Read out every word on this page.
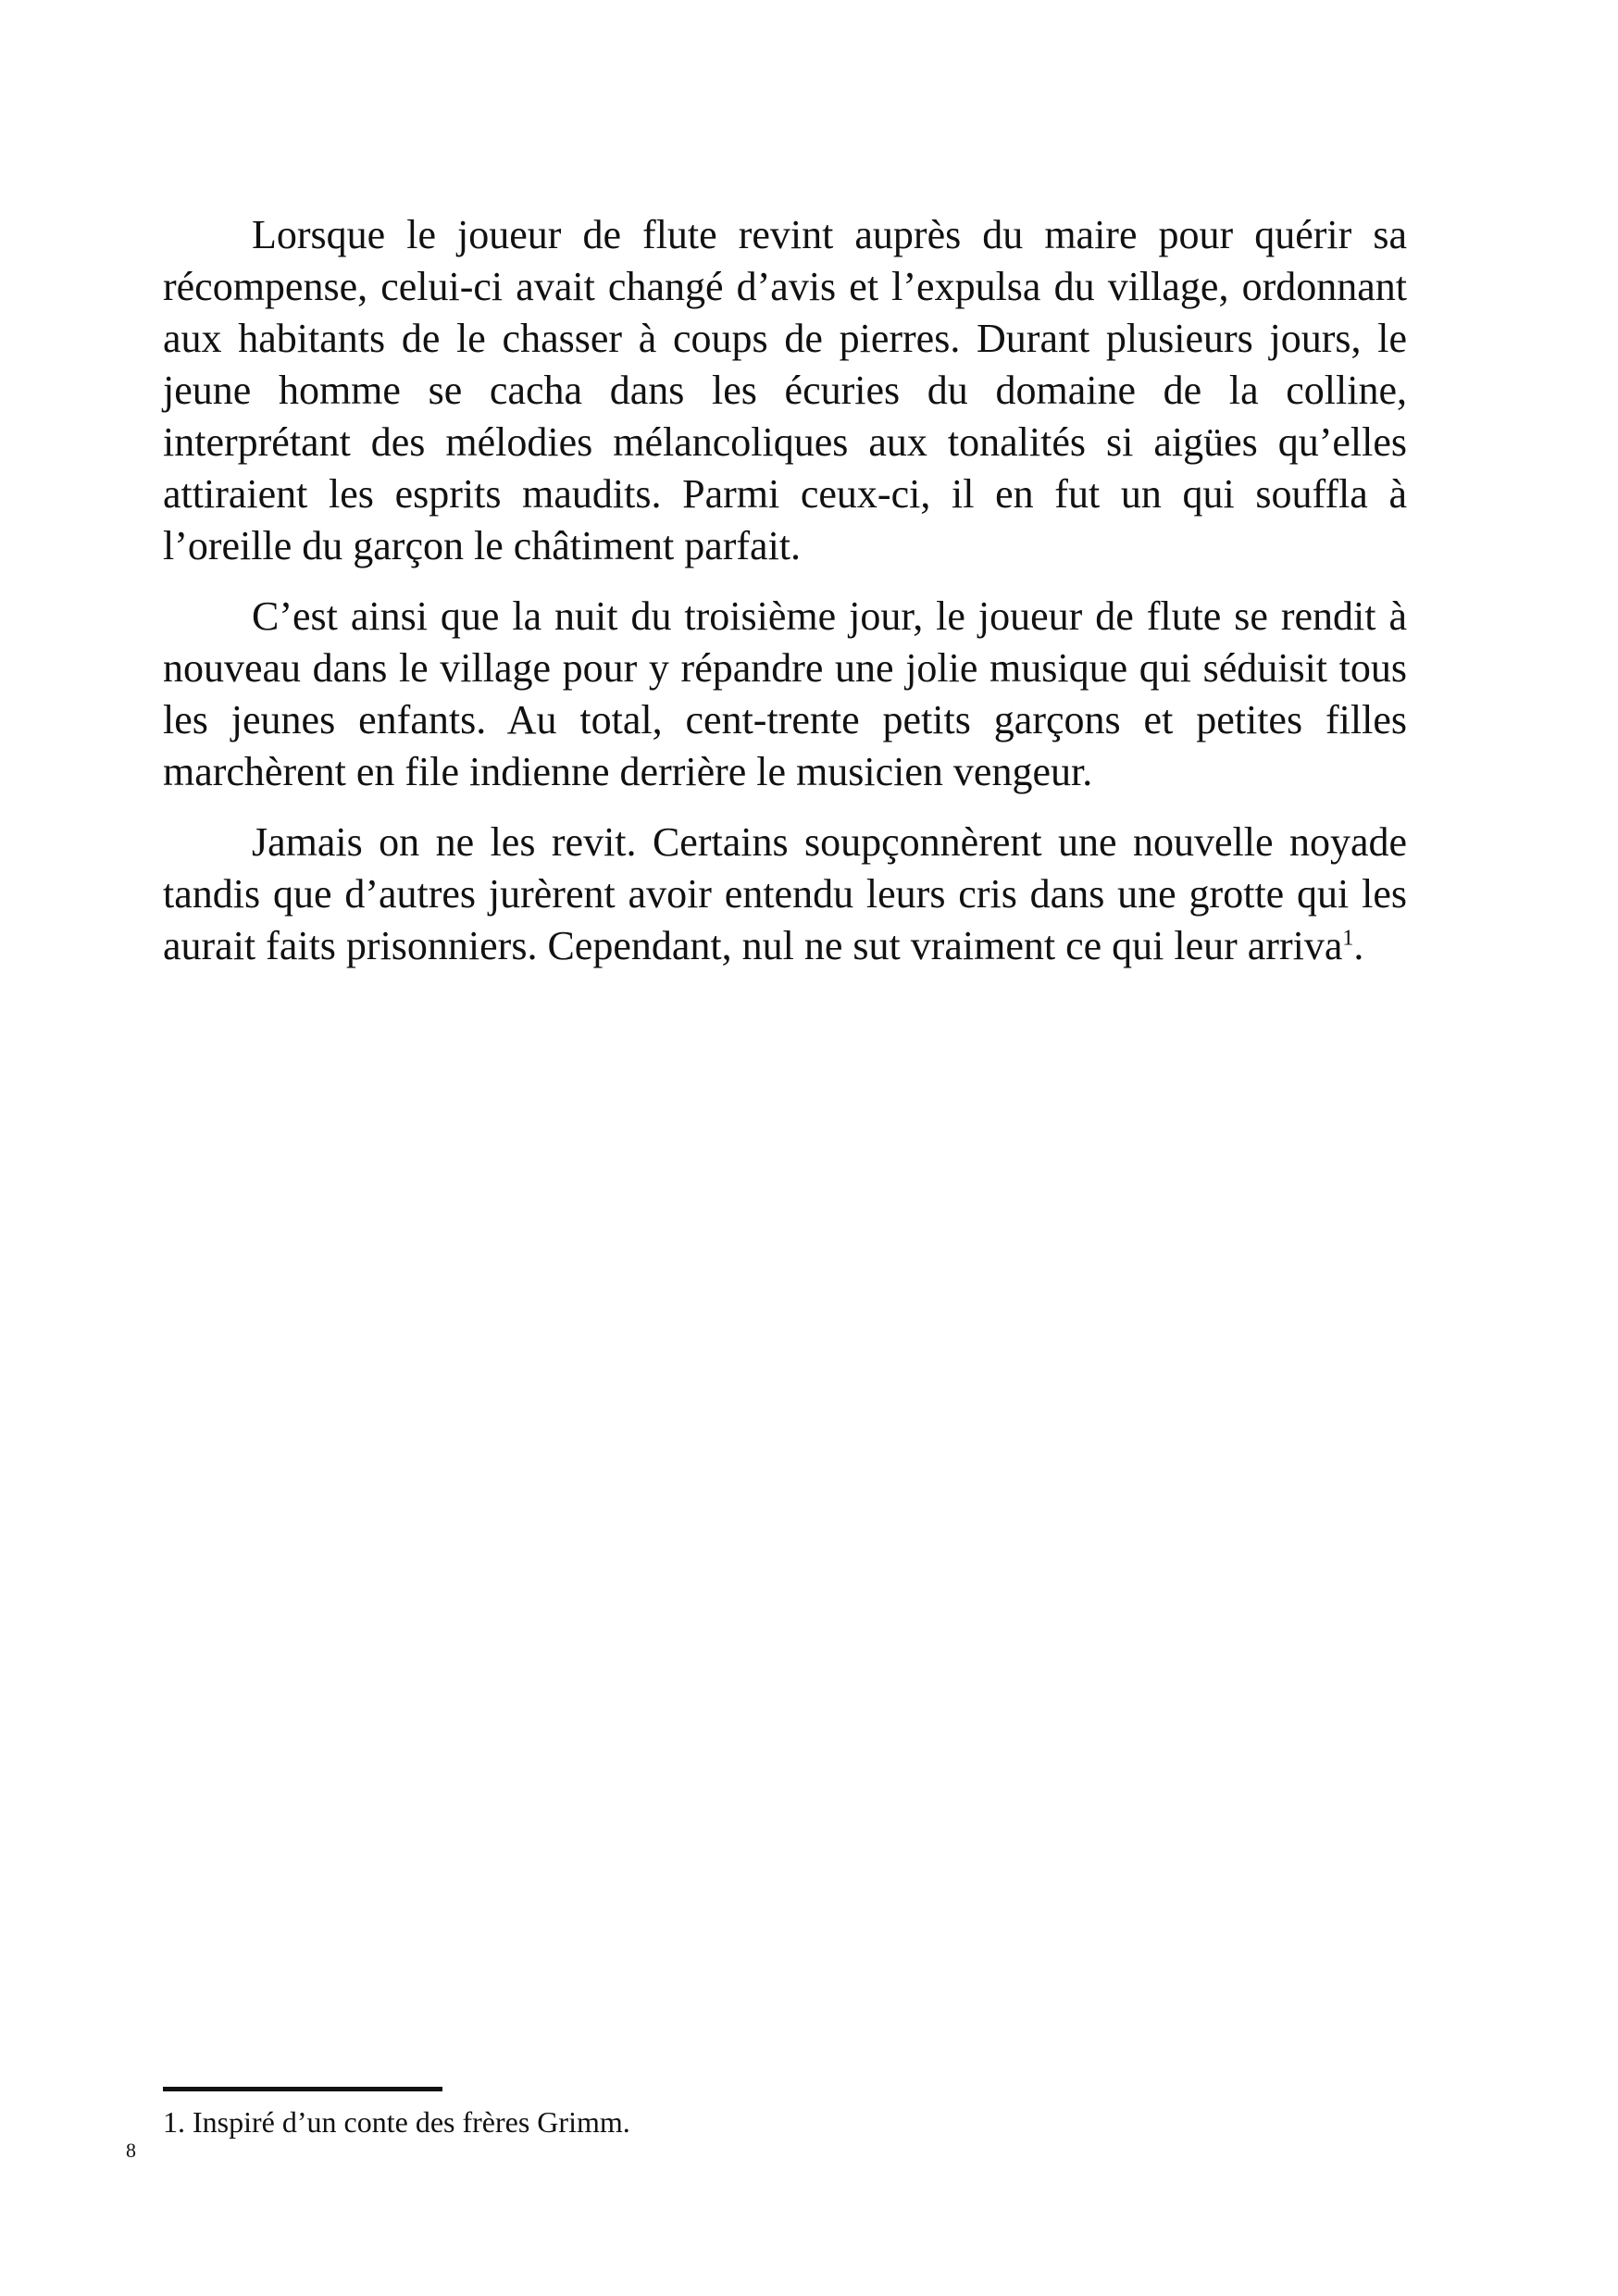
Lorsque le joueur de flute revint auprès du maire pour quérir sa récompense, celui-ci avait changé d’avis et l’expulsa du village, ordonnant aux habitants de le chasser à coups de pierres. Durant plusieurs jours, le jeune homme se cacha dans les écuries du domaine de la colline, interprétant des mélodies mélancoliques aux tonalités si aigües qu’elles attiraient les esprits maudits. Parmi ceux-ci, il en fut un qui souffla à l’oreille du garçon le châtiment parfait.

C’est ainsi que la nuit du troisième jour, le joueur de flute se rendit à nouveau dans le village pour y répandre une jolie musique qui séduisit tous les jeunes enfants. Au total, cent-trente petits garçons et petites filles marchèrent en file indienne derrière le musicien vengeur.

Jamais on ne les revit. Certains soupçonnèrent une nouvelle noyade tandis que d’autres jurèrent avoir entendu leurs cris dans une grotte qui les aurait faits prisonniers. Cependant, nul ne sut vraiment ce qui leur arriva$^1$.

1. Inspiré d’un conte des frères Grimm.

8
